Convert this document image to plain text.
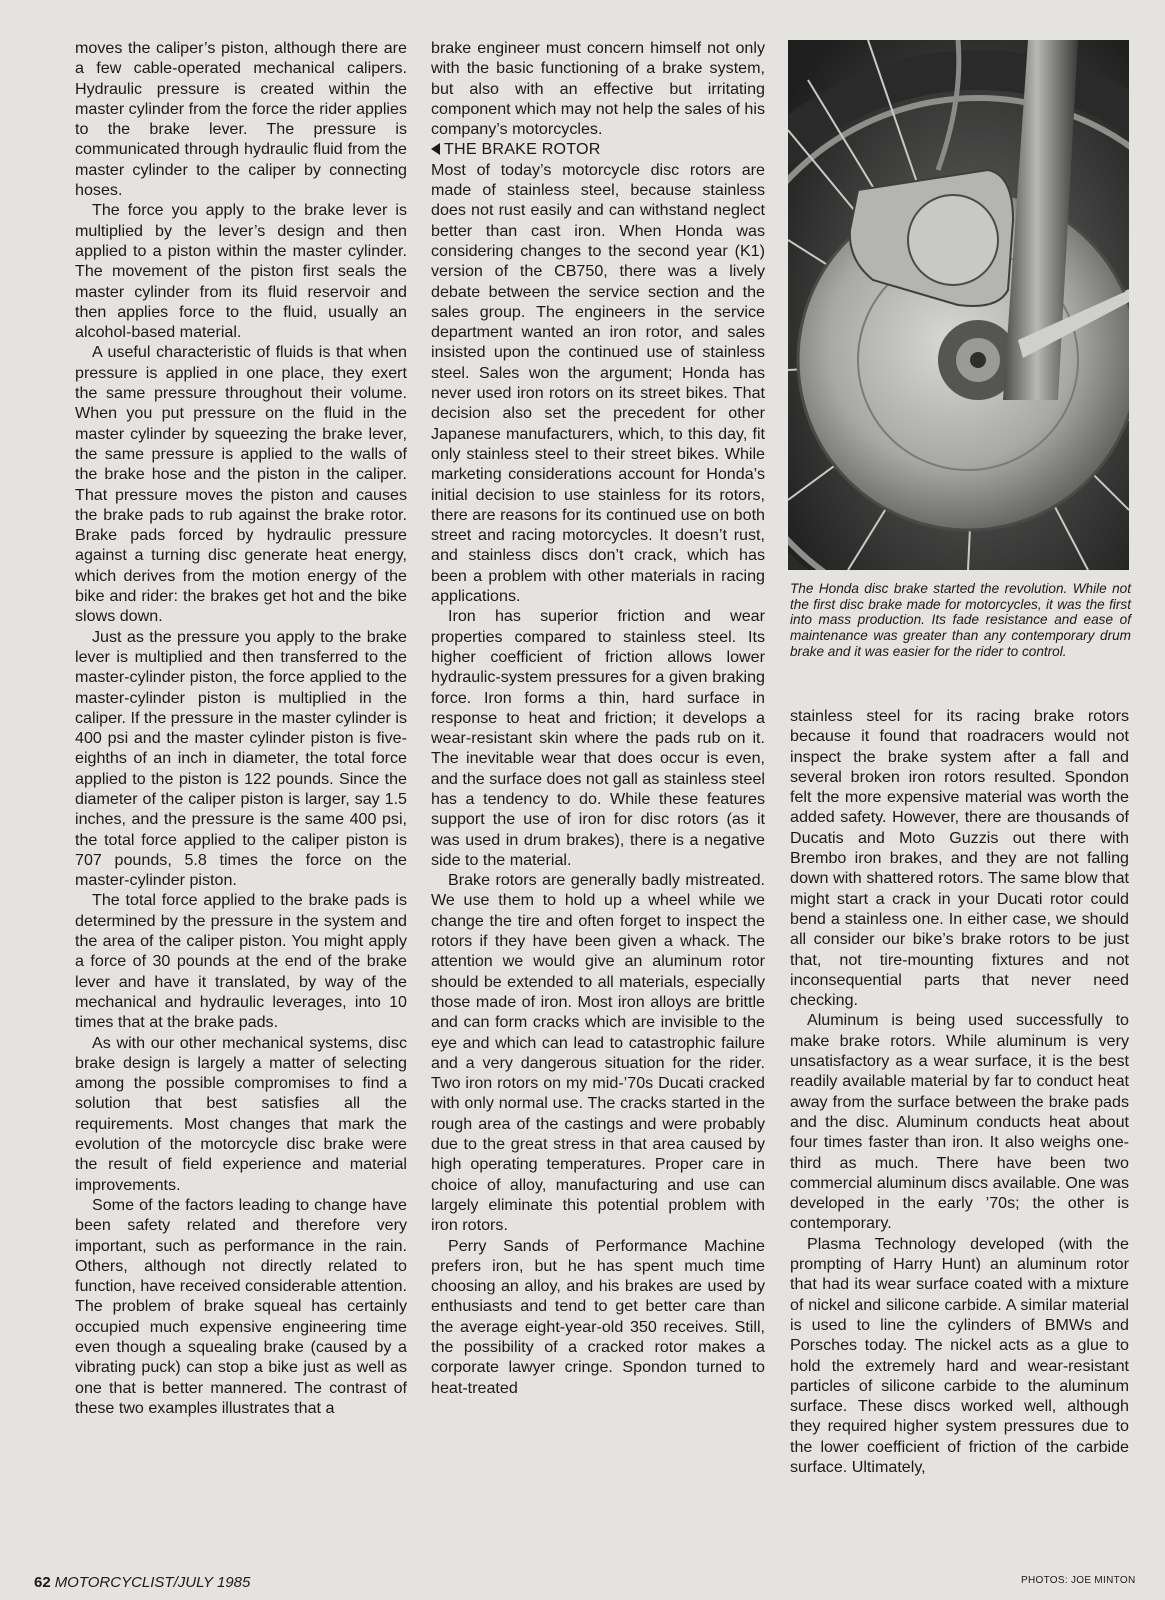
moves the caliper’s piston, although there are a few cable-operated mechanical calipers. Hydraulic pressure is created within the master cylinder from the force the rider applies to the brake lever. The pressure is communicated through hydraulic fluid from the master cylinder to the caliper by connecting hoses.

The force you apply to the brake lever is multiplied by the lever’s design and then applied to a piston within the master cylinder. The movement of the piston first seals the master cylinder from its fluid reservoir and then applies force to the fluid, usually an alcohol-based material.

A useful characteristic of fluids is that when pressure is applied in one place, they exert the same pressure throughout their volume. When you put pressure on the fluid in the master cylinder by squeezing the brake lever, the same pressure is applied to the walls of the brake hose and the piston in the caliper. That pressure moves the piston and causes the brake pads to rub against the brake rotor. Brake pads forced by hydraulic pressure against a turning disc generate heat energy, which derives from the motion energy of the bike and rider: the brakes get hot and the bike slows down.

Just as the pressure you apply to the brake lever is multiplied and then transferred to the master-cylinder piston, the force applied to the master-cylinder piston is multiplied in the caliper. If the pressure in the master cylinder is 400 psi and the master cylinder piston is five-eighths of an inch in diameter, the total force applied to the piston is 122 pounds. Since the diameter of the caliper piston is larger, say 1.5 inches, and the pressure is the same 400 psi, the total force applied to the caliper piston is 707 pounds, 5.8 times the force on the master-cylinder piston.

The total force applied to the brake pads is determined by the pressure in the system and the area of the caliper piston. You might apply a force of 30 pounds at the end of the brake lever and have it translated, by way of the mechanical and hydraulic leverages, into 10 times that at the brake pads.

As with our other mechanical systems, disc brake design is largely a matter of selecting among the possible compromises to find a solution that best satisfies all the requirements. Most changes that mark the evolution of the motorcycle disc brake were the result of field experience and material improvements.

Some of the factors leading to change have been safety related and therefore very important, such as performance in the rain. Others, although not directly related to function, have received considerable attention. The problem of brake squeal has certainly occupied much expensive engineering time even though a squealing brake (caused by a vibrating puck) can stop a bike just as well as one that is better mannered. The contrast of these two examples illustrates that a

brake engineer must concern himself not only with the basic functioning of a brake system, but also with an effective but irritating component which may not help the sales of his company’s motorcycles.

THE BRAKE ROTOR

Most of today’s motorcycle disc rotors are made of stainless steel, because stainless does not rust easily and can withstand neglect better than cast iron. When Honda was considering changes to the second year (K1) version of the CB750, there was a lively debate between the service section and the sales group. The engineers in the service department wanted an iron rotor, and sales insisted upon the continued use of stainless steel. Sales won the argument; Honda has never used iron rotors on its street bikes. That decision also set the precedent for other Japanese manufacturers, which, to this day, fit only stainless steel to their street bikes. While marketing considerations account for Honda’s initial decision to use stainless for its rotors, there are reasons for its continued use on both street and racing motorcycles. It doesn’t rust, and stainless discs don’t crack, which has been a problem with other materials in racing applications.

Iron has superior friction and wear properties compared to stainless steel. Its higher coefficient of friction allows lower hydraulic-system pressures for a given braking force. Iron forms a thin, hard surface in response to heat and friction; it develops a wear-resistant skin where the pads rub on it. The inevitable wear that does occur is even, and the surface does not gall as stainless steel has a tendency to do. While these features support the use of iron for disc rotors (as it was used in drum brakes), there is a negative side to the material.

Brake rotors are generally badly mistreated. We use them to hold up a wheel while we change the tire and often forget to inspect the rotors if they have been given a whack. The attention we would give an aluminum rotor should be extended to all materials, especially those made of iron. Most iron alloys are brittle and can form cracks which are invisible to the eye and which can lead to catastrophic failure and a very dangerous situation for the rider. Two iron rotors on my mid-’70s Ducati cracked with only normal use. The cracks started in the rough area of the castings and were probably due to the great stress in that area caused by high operating temperatures. Proper care in choice of alloy, manufacturing and use can largely eliminate this potential problem with iron rotors.

Perry Sands of Performance Machine prefers iron, but he has spent much time choosing an alloy, and his brakes are used by enthusiasts and tend to get better care than the average eight-year-old 350 receives. Still, the possibility of a cracked rotor makes a corporate lawyer cringe. Spondon turned to heat-treated

The Honda disc brake started the revolution. While not the first disc brake made for motorcycles, it was the first into mass production. Its fade resistance and ease of maintenance was greater than any contemporary drum brake and it was easier for the rider to control.

stainless steel for its racing brake rotors because it found that roadracers would not inspect the brake system after a fall and several broken iron rotors resulted. Spondon felt the more expensive material was worth the added safety. However, there are thousands of Ducatis and Moto Guzzis out there with Brembo iron brakes, and they are not falling down with shattered rotors. The same blow that might start a crack in your Ducati rotor could bend a stainless one. In either case, we should all consider our bike’s brake rotors to be just that, not tire-mounting fixtures and not inconsequential parts that never need checking.

Aluminum is being used successfully to make brake rotors. While aluminum is very unsatisfactory as a wear surface, it is the best readily available material by far to conduct heat away from the surface between the brake pads and the disc. Aluminum conducts heat about four times faster than iron. It also weighs one-third as much. There have been two commercial aluminum discs available. One was developed in the early ’70s; the other is contemporary.

Plasma Technology developed (with the prompting of Harry Hunt) an aluminum rotor that had its wear surface coated with a mixture of nickel and silicone carbide. A similar material is used to line the cylinders of BMWs and Porsches today. The nickel acts as a glue to hold the extremely hard and wear-resistant particles of silicone carbide to the aluminum surface. These discs worked well, although they required higher system pressures due to the lower coefficient of friction of the carbide surface. Ultimately,

62 MOTORCYCLIST/JULY 1985	PHOTOS: JOE MINTON
